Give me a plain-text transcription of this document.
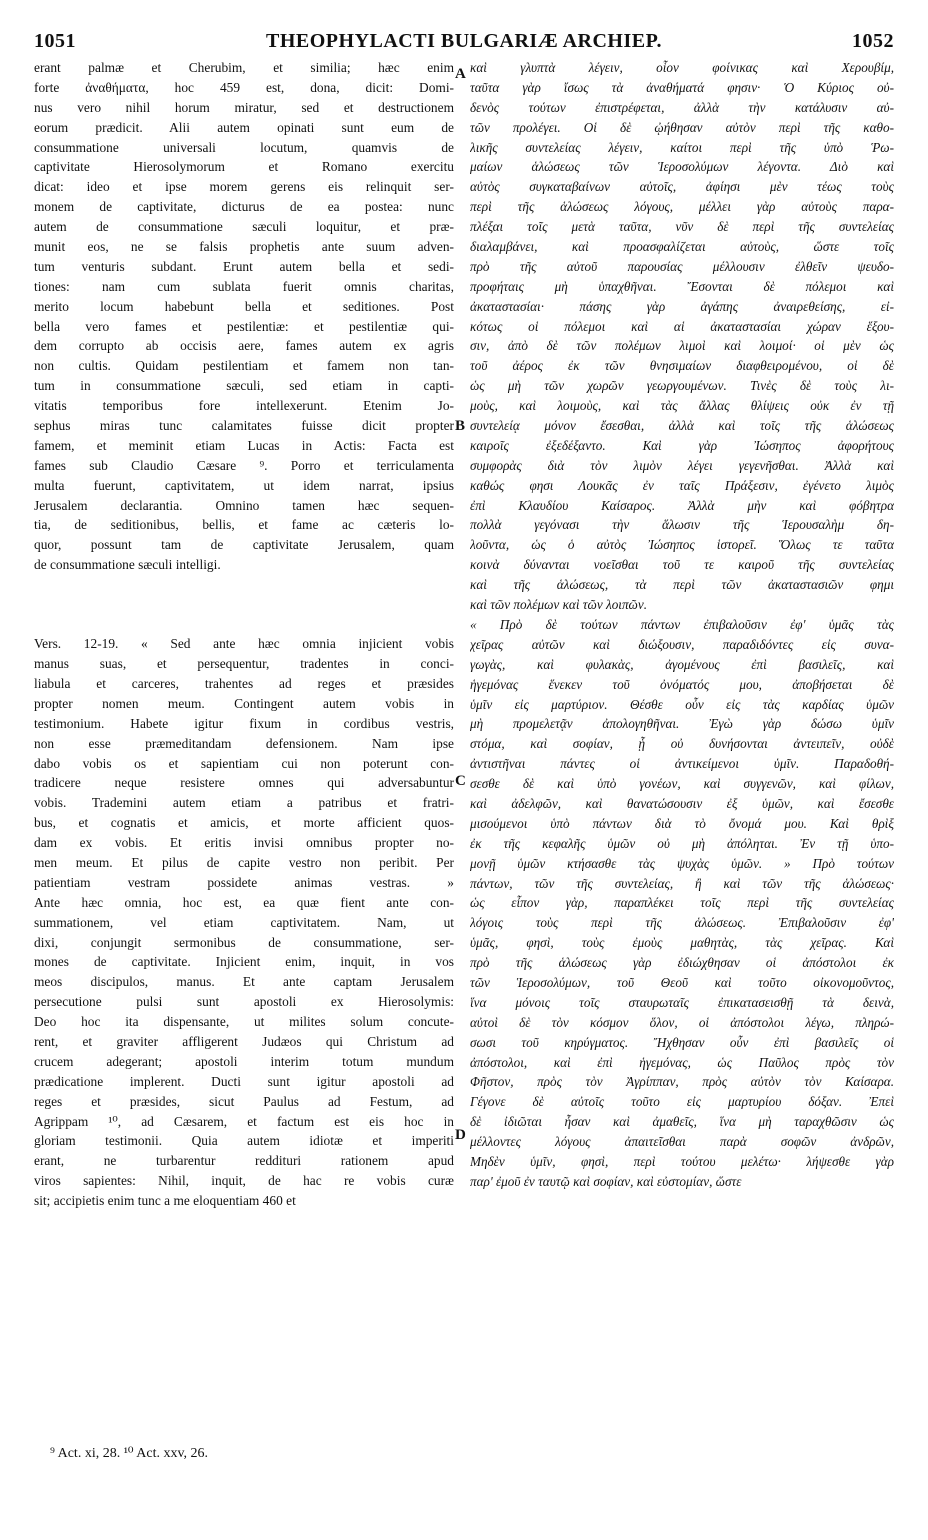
1051	THEOPHYLACTI BULGARIÆ ARCHIEP.	1052
erant palmæ et Cherubim, et similia; hæc enim
forte ἀναθήματα, hoc 459 est, dona, dicit: Domi-
nus vero nihil horum miratur, sed et destructionem
eorum prædicit. Alii autem opinati sunt eum de
consummatione universali locutum, quamvis de
captivitate Hierosolymorum et Romano exercitu
dicat: ideo et ipse morem gerens eis relinquit ser-
monem de captivitate, dicturus de ea postea: nunc
autem de consummatione sæculi loquitur, et præ-
munit eos, ne se falsis prophetis ante suum adven-
tum venturis subdant. Erunt autem bella et sedi-
tiones: nam cum sublata fuerit omnis charitas,
merito locum habebunt bella et seditiones. Post
bella vero fames et pestilentiæ: et pestilentiæ qui-
dem corrupto ab occisis aere, fames autem ex agris
non cultis. Quidam pestilentiam et famem non tan-
tum in consummatione sæculi, sed etiam in capti-
vitatis temporibus fore intellexerunt. Etenim Jo-
sephus miras tunc calamitates fuisse dicit propter
famem, et meminit etiam Lucas in Actis: Facta est
fames sub Claudio Cæsare ⁹. Porro et terriculamenta
multa fuerunt, captivitatem, ut idem narrat, ipsius
Jerusalem declarantia. Omnino tamen hæc sequen-
tia, de seditionibus, bellis, et fame ac cæteris lo-
quor, possunt tam de captivitate Jerusalem, quam
de consummatione sæculi intelligi.
Vers. 12-19. « Sed ante hæc omnia injicient vobis
manus suas, et persequentur, tradentes in conci-
liabula et carceres, trahentes ad reges et præsides
propter nomen meum. Contingent autem vobis in
testimonium. Habete igitur fixum in cordibus vestris,
non esse præmeditandam defensionem. Nam ipse
dabo vobis os et sapientiam cui non poterunt con-
tradicere neque resistere omnes qui adversabuntur
vobis. Trademini autem etiam a patribus et fratri-
bus, et cognatis et amicis, et morte afficient quos-
dam ex vobis. Et eritis invisi omnibus propter no-
men meum. Et pilus de capite vestro non peribit. Per
patientiam vestram possidete animas vestras. »
Ante hæc omnia, hoc est, ea quæ fient ante con-
summationem, vel etiam captivitatem. Nam, ut
dixi, conjungit sermonibus de consummatione, ser-
mones de captivitate. Injicient enim, inquit, in vos
meos discipulos, manus. Et ante captam Jerusalem
persecutione pulsi sunt apostoli ex Hierosolymis:
Deo hoc ita dispensante, ut milites solum concute-
rent, et graviter affligerent Judæos qui Christum ad
crucem adegerant; apostoli interim totum mundum
prædicatione implerent. Ducti sunt igitur apostoli ad
reges et præsides, sicut Paulus ad Festum, ad
Agrippam ¹⁰, ad Cæsarem, et factum est eis hoc in
gloriam testimonii. Quia autem idiotæ et imperiti
erant, ne turbarentur reddituri rationem apud
viros sapientes: Nihil, inquit, de hac re vobis curæ
sit; accipietis enim tunc a me eloquentiam 460 et
καὶ γλυπτὰ λέγειν, οἷον φοίνικας καὶ Χερουβίμ,
ταῦτα γὰρ ἴσως τὰ ἀναθήματά φησιν· Ὁ Κύριος οὐ-
δενὸς τούτων ἐπιστρέφεται, ἀλλὰ τὴν κατάλυσιν αὐ-
τῶν προλέγει. Οἱ δὲ ᾠήθησαν αὐτὸν περὶ τῆς καθο-
λικῆς συντελείας λέγειν, καίτοι περὶ τῆς ὑπὸ Ῥω-
μαίων ἁλώσεως τῶν Ἱεροσολύμων λέγοντα. Διὸ καὶ
αὐτὸς συγκαταβαίνων αὐτοῖς, ἀφίησι μὲν τέως τοὺς
περὶ τῆς ἁλώσεως λόγους, μέλλει γὰρ αὐτοὺς παρα-
πλέξαι τοῖς μετὰ ταῦτα, νῦν δὲ περὶ τῆς συντελείας
διαλαμβάνει, καὶ προασφαλίζεται αὐτοὺς, ὥστε τοῖς
πρὸ τῆς αὐτοῦ παρουσίας μέλλουσιν ἐλθεῖν ψευδο-
προφήταις μὴ ὑπαχθῆναι. Ἔσονται δὲ πόλεμοι καὶ
ἀκαταστασίαι· πάσης γὰρ ἀγάπης ἀναιρεθείσης, εἰ-
κότως οἱ πόλεμοι καὶ αἱ ἀκαταστασίαι χώραν ἕξου-
σιν, ἀπὸ δὲ τῶν πολέμων λιμοὶ καὶ λοιμοί· οἱ μὲν ὡς
τοῦ ἀέρος ἐκ τῶν θνησιμαίων διαφθειρομένου, οἱ δὲ
ὡς μὴ τῶν χωρῶν γεωργουμένων. Τινὲς δὲ τοὺς λι-
μοὺς, καὶ λοιμοὺς, καὶ τὰς ἄλλας θλίψεις οὐκ ἐν τῇ
συντελείᾳ μόνον ἔσεσθαι, ἀλλὰ καὶ τοῖς τῆς ἁλώσεως
καιροῖς ἐξεδέξαντο. Καὶ γὰρ Ἰώσηπος ἀφορήτους
συμφορὰς διὰ τὸν λιμὸν λέγει γεγενῆσθαι. Ἀλλὰ καὶ
καθώς φησι Λουκᾶς ἐν ταῖς Πράξεσιν, ἐγένετο λιμὸς
ἐπὶ Κλαυδίου Καίσαρος. Ἀλλὰ μὴν καὶ φόβητρα
πολλὰ γεγόνασι τὴν ἅλωσιν τῆς Ἱερουσαλὴμ δη-
λοῦντα, ὡς ὁ αὐτὸς Ἰώσηπος ἱστορεῖ. Ὅλως τε ταῦτα
κοινὰ δύνανται νοεῖσθαι τοῦ τε καιροῦ τῆς συντελείας
καὶ τῆς ἁλώσεως, τὰ περὶ τῶν ἀκαταστασιῶν φημι
καὶ τῶν πολέμων καὶ τῶν λοιπῶν.
« Πρὸ δὲ τούτων πάντων ἐπιβαλοῦσιν ἐφ' ὑμᾶς τὰς
χεῖρας αὐτῶν καὶ διώξουσιν, παραδιδόντες εἰς συνα-
γωγὰς, καὶ φυλακὰς, ἀγομένους ἐπὶ βασιλεῖς, καὶ
ἡγεμόνας ἕνεκεν τοῦ ὀνόματός μου, ἀποβήσεται δὲ
ὑμῖν εἰς μαρτύριον. Θέσθε οὖν εἰς τὰς καρδίας ὑμῶν
μὴ προμελετᾷν ἀπολογηθῆναι. Ἐγὼ γὰρ δώσω ὑμῖν
στόμα, καὶ σοφίαν, ᾗ οὐ δυνήσονται ἀντειπεῖν, οὐδὲ
ἀντιστῆναι πάντες οἱ ἀντικείμενοι ὑμῖν. Παραδοθή-
σεσθε δὲ καὶ ὑπὸ γονέων, καὶ συγγενῶν, καὶ φίλων,
καὶ ἀδελφῶν, καὶ θανατώσουσιν ἐξ ὑμῶν, καὶ ἔσεσθε
μισούμενοι ὑπὸ πάντων διὰ τὸ ὄνομά μου. Καὶ θρὶξ
ἐκ τῆς κεφαλῆς ὑμῶν οὐ μὴ ἀπόληται. Ἐν τῇ ὑπο-
μονῇ ὑμῶν κτήσασθε τὰς ψυχὰς ὑμῶν. » Πρὸ τούτων
πάντων, τῶν τῆς συντελείας, ἢ καὶ τῶν τῆς ἁλώσεως·
ὡς εἶπον γὰρ, παραπλέκει τοῖς περὶ τῆς συντελείας
λόγοις τοὺς περὶ τῆς ἁλώσεως. Ἐπιβαλοῦσιν ἐφ'
ὑμᾶς, φησὶ, τοὺς ἐμοὺς μαθητὰς, τὰς χεῖρας. Καὶ
πρὸ τῆς ἁλώσεως γὰρ ἐδιώχθησαν οἱ ἀπόστολοι ἐκ
τῶν Ἱεροσολύμων, τοῦ Θεοῦ καὶ τοῦτο οἰκονομοῦντος,
ἵνα μόνοις τοῖς σταυρωταῖς ἐπικατασεισθῇ τὰ δεινὰ,
αὐτοὶ δὲ τὸν κόσμον ὅλον, οἱ ἀπόστολοι λέγω, πληρώ-
σωσι τοῦ κηρύγματος. Ἤχθησαν οὖν ἐπὶ βασιλεῖς οἱ
ἀπόστολοι, καὶ ἐπὶ ἡγεμόνας, ὡς Παῦλος πρὸς τὸν
Φῆστον, πρὸς τὸν Ἀγρίππαν, πρὸς αὐτὸν τὸν Καίσαρα.
Γέγονε δὲ αὐτοῖς τοῦτο εἰς μαρτυρίου δόξαν. Ἐπεὶ
δὲ ἰδιῶται ἦσαν καὶ ἀμαθεῖς, ἵνα μὴ ταραχθῶσιν ὡς
μέλλοντες λόγους ἀπαιτεῖσθαι παρὰ σοφῶν ἀνδρῶν,
Μηδὲν ὑμῖν, φησὶ, περὶ τούτου μελέτω· λήψεσθε γὰρ
παρ' ἐμοῦ ἐν ταυτῷ καὶ σοφίαν, καὶ εὐστομίαν, ὥστε
A
B
C
D
⁹ Act. xi, 28. ¹⁰ Act. xxv, 26.
